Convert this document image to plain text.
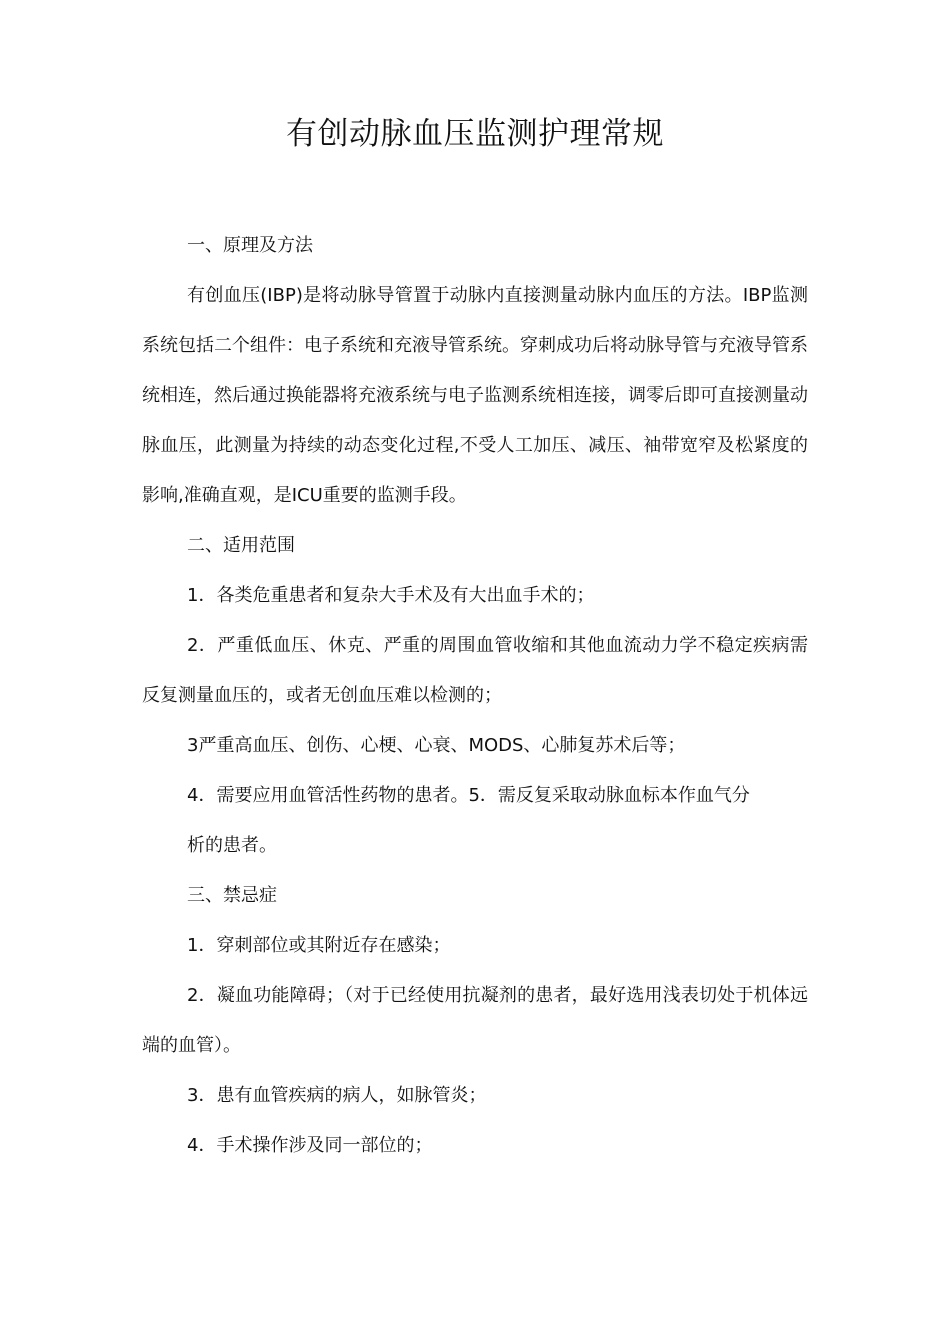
有创动脉血压监测护理常规

一、原理及方法

有创血压(IBP)是将动脉导管置于动脉内直接测量动脉内血压的方法。IBP监测系统包括二个组件：电子系统和充液导管系统。穿刺成功后将动脉导管与充液导管系统相连，然后通过换能器将充液系统与电子监测系统相连接，调零后即可直接测量动脉血压，此测量为持续的动态变化过程,不受人工加压、减压、袖带宽窄及松紧度的影响,准确直观，是ICU重要的监测手段。

二、适用范围

1．各类危重患者和复杂大手术及有大出血手术的；

2．严重低血压、休克、严重的周围血管收缩和其他血流动力学不稳定疾病需反复测量血压的，或者无创血压难以检测的；

3严重高血压、创伤、心梗、心衰、MODS、心肺复苏术后等；

4．需要应用血管活性药物的患者。5．需反复采取动脉血标本作血气分

析的患者。

三、禁忌症

1．穿刺部位或其附近存在感染；

2．凝血功能障碍；（对于已经使用抗凝剂的患者，最好选用浅表切处于机体远端的血管）。

3．患有血管疾病的病人，如脉管炎；

4．手术操作涉及同一部位的；
